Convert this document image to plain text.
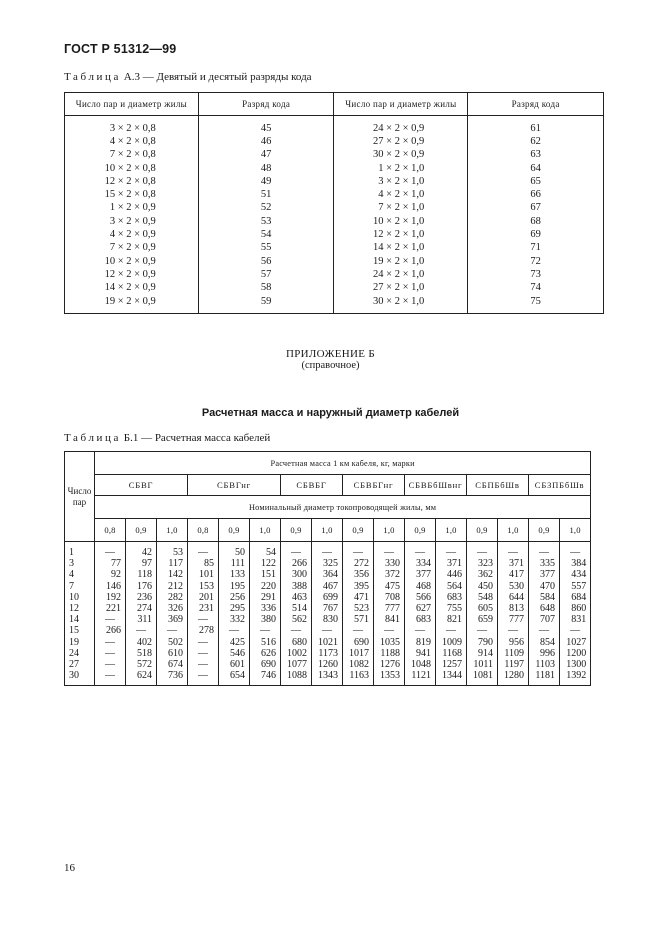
ГОСТ Р 51312—99
Таблица А.3 — Девятый и десятый разряды кода
Число пар и диаметр жилы	Разряд кода	Число пар и диаметр жилы	Разряд кода
3 × 2 × 0,8	45	24 × 2 × 0,9	61
4 × 2 × 0,8	46	27 × 2 × 0,9	62
7 × 2 × 0,8	47	30 × 2 × 0,9	63
10 × 2 × 0,8	48	1 × 2 × 1,0	64
12 × 2 × 0,8	49	3 × 2 × 1,0	65
15 × 2 × 0,8	51	4 × 2 × 1,0	66
1 × 2 × 0,9	52	7 × 2 × 1,0	67
3 × 2 × 0,9	53	10 × 2 × 1,0	68
4 × 2 × 0,9	54	12 × 2 × 1,0	69
7 × 2 × 0,9	55	14 × 2 × 1,0	71
10 × 2 × 0,9	56	19 × 2 × 1,0	72
12 × 2 × 0,9	57	24 × 2 × 1,0	73
14 × 2 × 0,9	58	27 × 2 × 1,0	74
19 × 2 × 0,9	59	30 × 2 × 1,0	75
ПРИЛОЖЕНИЕ Б
(справочное)
Расчетная масса и наружный диаметр кабелей
Таблица Б.1 — Расчетная масса кабелей
Число
пар	Расчетная масса 1 км кабеля, кг, марки															
	СБВГ			СБВГнг			СБВБГ		СБВБГнг		СБВБбШвнг		СБПБбШв		СБЗПБбШв	
	Номинальный диаметр токопроводящей жилы, мм															
	0,8	0,9	1,0	0,8	0,9	1,0	0,9	1,0	0,9	1,0	0,9	1,0	0,9	1,0	0,9	1,0
1	—	42	53	—	50	54	—	—	—	—	—	—	—	—	—	—
3	77	97	117	85	111	122	266	325	272	330	334	371	323	371	335	384
4	92	118	142	101	133	151	300	364	356	372	377	446	362	417	377	434
7	146	176	212	153	195	220	388	467	395	475	468	564	450	530	470	557
10	192	236	282	201	256	291	463	699	471	708	566	683	548	644	584	684
12	221	274	326	231	295	336	514	767	523	777	627	755	605	813	648	860
14	—	311	369	—	332	380	562	830	571	841	683	821	659	777	707	831
15	266	—	—	278	—	—	—	—	—	—	—	—	—	—	—	—
19	—	402	502	—	425	516	680	1021	690	1035	819	1009	790	956	854	1027
24	—	518	610	—	546	626	1002	1173	1017	1188	941	1168	914	1109	996	1200
27	—	572	674	—	601	690	1077	1260	1082	1276	1048	1257	1011	1197	1103	1300
30	—	624	736	—	654	746	1088	1343	1163	1353	1121	1344	1081	1280	1181	1392
16
